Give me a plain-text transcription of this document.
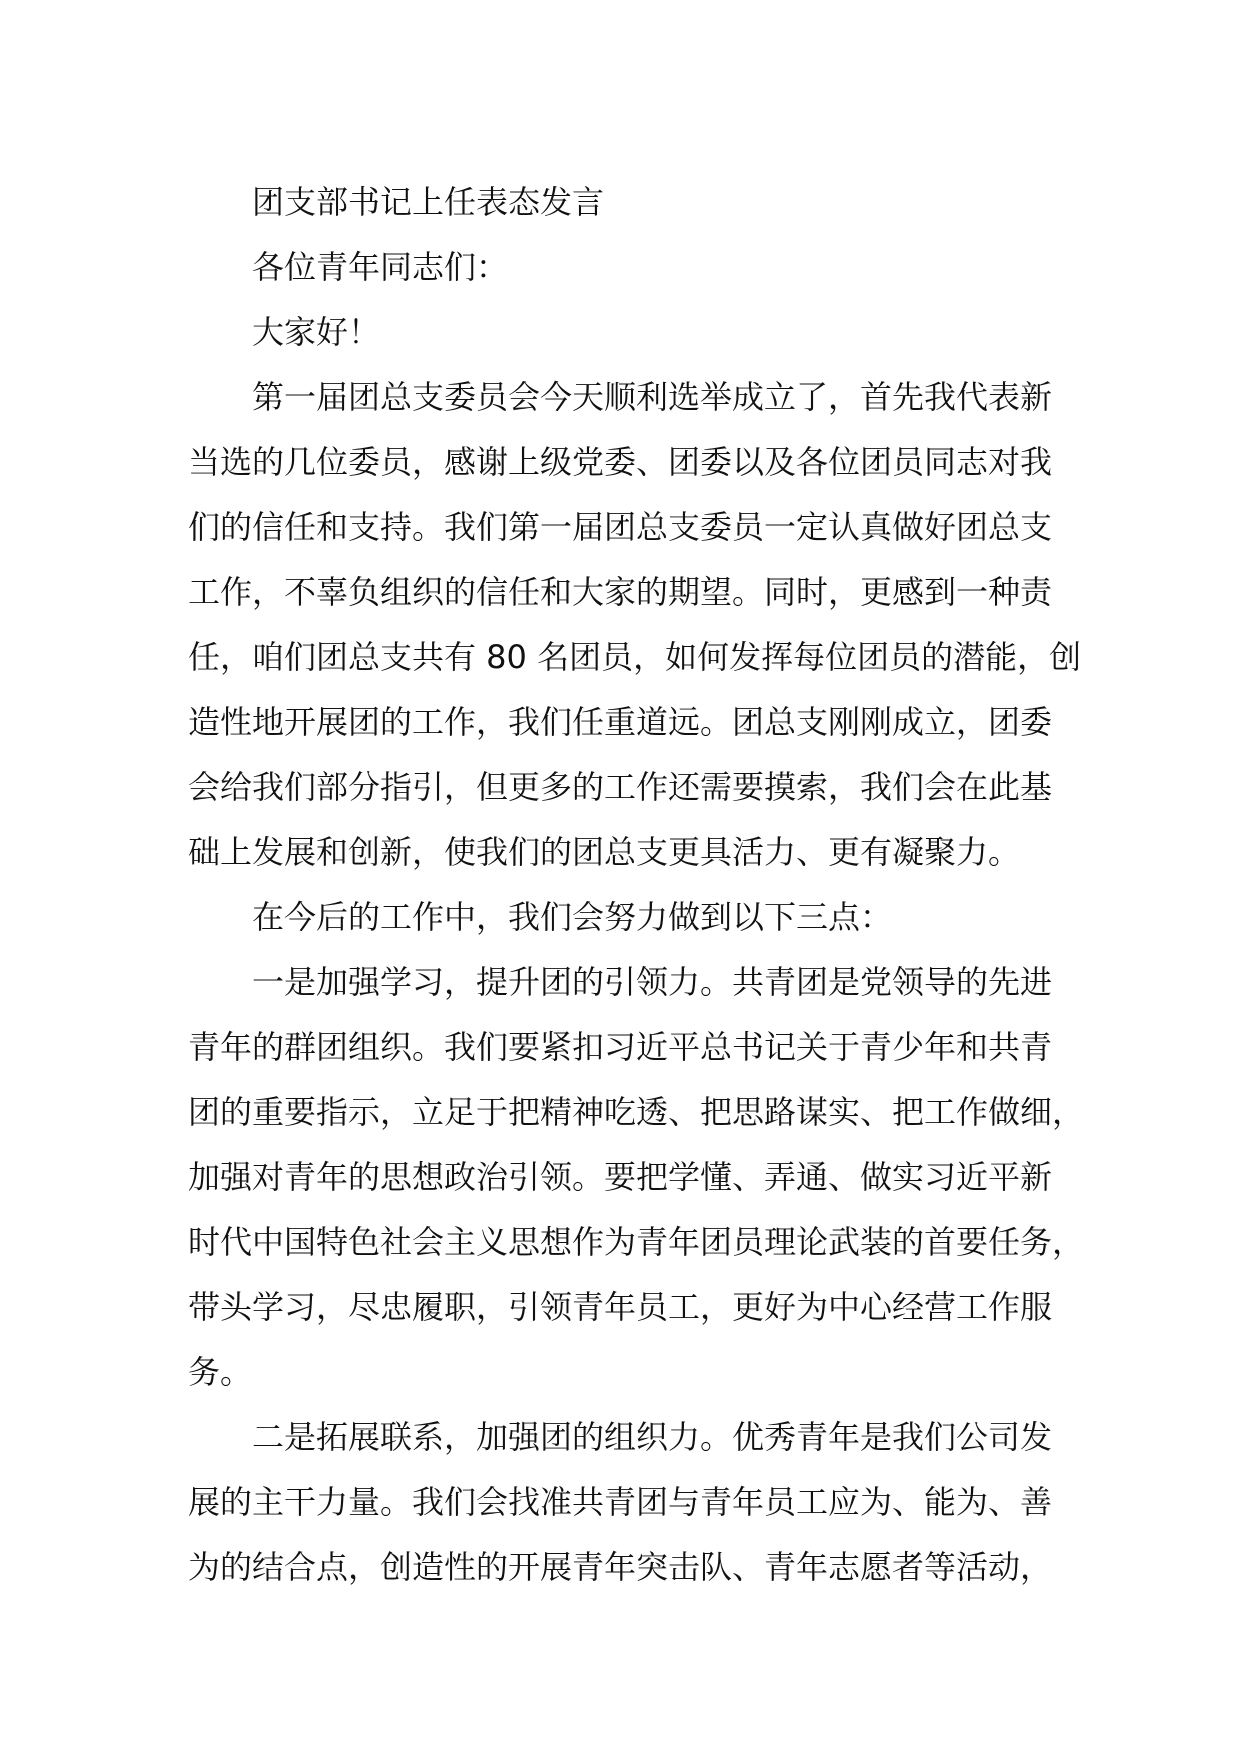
团支部书记上任表态发言
各位青年同志们：
大家好！
第一届团总支委员会今天顺利选举成立了，首先我代表新
当选的几位委员，感谢上级党委、团委以及各位团员同志对我
们的信任和支持。我们第一届团总支委员一定认真做好团总支
工作，不辜负组织的信任和大家的期望。同时，更感到一种责
任，咱们团总支共有 80 名团员，如何发挥每位团员的潜能，创
造性地开展团的工作，我们任重道远。团总支刚刚成立，团委
会给我们部分指引，但更多的工作还需要摸索，我们会在此基
础上发展和创新，使我们的团总支更具活力、更有凝聚力。
在今后的工作中，我们会努力做到以下三点：
一是加强学习，提升团的引领力。共青团是党领导的先进
青年的群团组织。我们要紧扣习近平总书记关于青少年和共青
团的重要指示，立足于把精神吃透、把思路谋实、把工作做细，
加强对青年的思想政治引领。要把学懂、弄通、做实习近平新
时代中国特色社会主义思想作为青年团员理论武装的首要任务，
带头学习，尽忠履职，引领青年员工，更好为中心经营工作服
务。
二是拓展联系，加强团的组织力。优秀青年是我们公司发
展的主干力量。我们会找准共青团与青年员工应为、能为、善
为的结合点，创造性的开展青年突击队、青年志愿者等活动，
